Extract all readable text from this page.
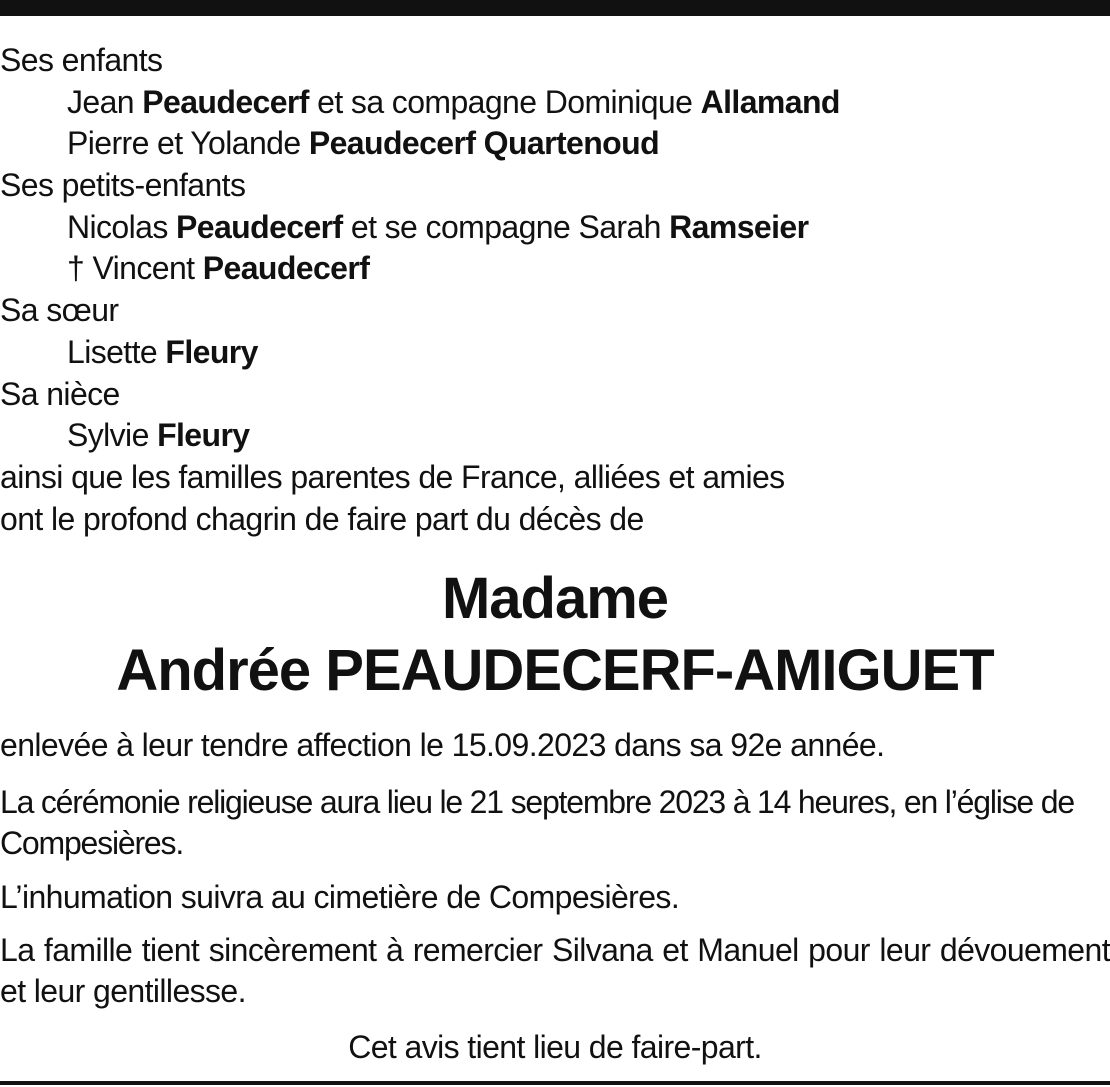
Ses enfants
Jean Peaudecerf et sa compagne Dominique Allamand
Pierre et Yolande Peaudecerf Quartenoud
Ses petits-enfants
Nicolas Peaudecerf et se compagne Sarah Ramseier
† Vincent Peaudecerf
Sa sœur
Lisette Fleury
Sa nièce
Sylvie Fleury
ainsi que les familles parentes de France, alliées et amies
ont le profond chagrin de faire part du décès de
Madame
Andrée PEAUDECERF-AMIGUET

enlevée à leur tendre affection le 15.09.2023 dans sa 92e année.

La cérémonie religieuse aura lieu le 21 septembre 2023 à 14 heures, en l’église de Compesières.

L’inhumation suivra au cimetière de Compesières.

La famille tient sincèrement à remercier Silvana et Manuel pour leur dévouement et leur gentillesse.

Cet avis tient lieu de faire-part.
